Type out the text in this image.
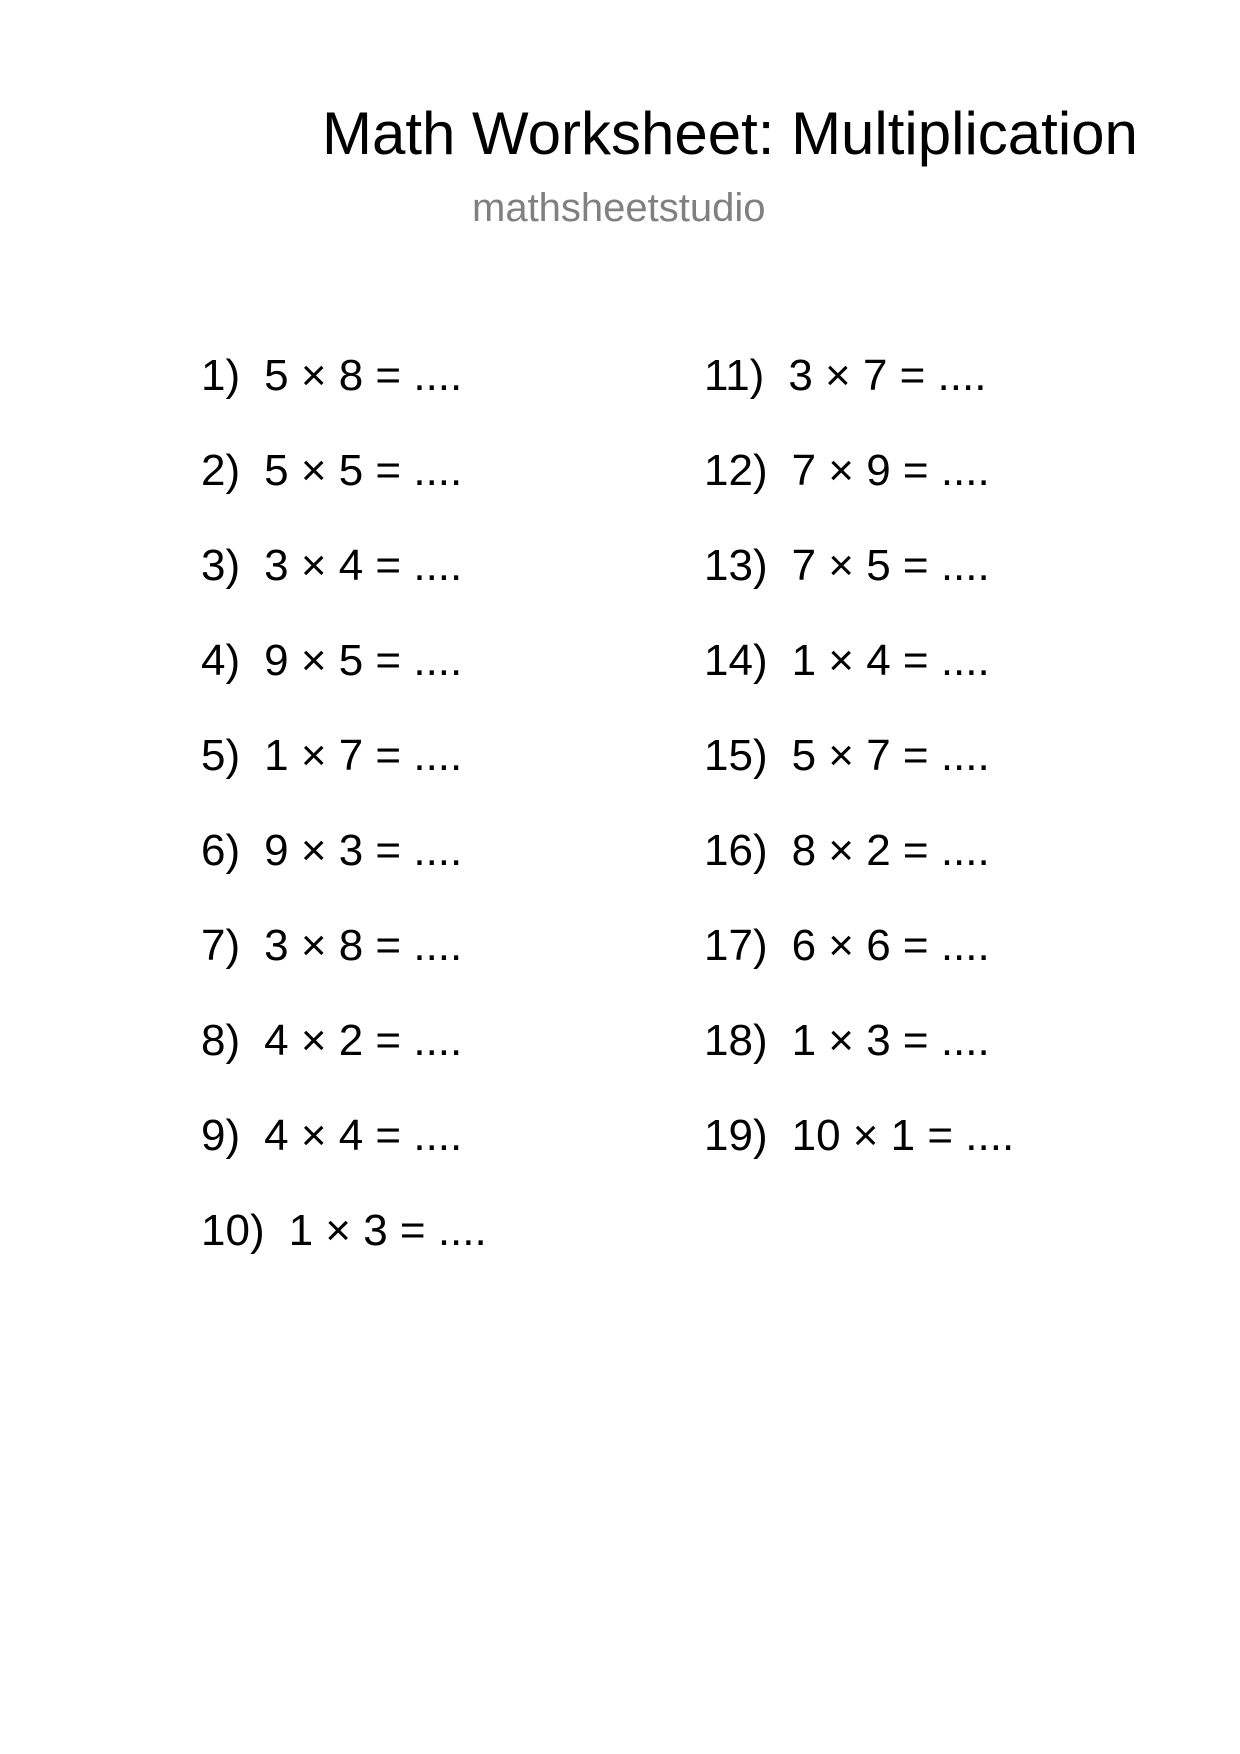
Math Worksheet: Multiplication
mathsheetstudio
1) 5 × 8 = ....
2) 5 × 5 = ....
3) 3 × 4 = ....
4) 9 × 5 = ....
5) 1 × 7 = ....
6) 9 × 3 = ....
7) 3 × 8 = ....
8) 4 × 2 = ....
9) 4 × 4 = ....
10) 1 × 3 = ....
11) 3 × 7 = ....
12) 7 × 9 = ....
13) 7 × 5 = ....
14) 1 × 4 = ....
15) 5 × 7 = ....
16) 8 × 2 = ....
17) 6 × 6 = ....
18) 1 × 3 = ....
19) 10 × 1 = ....
